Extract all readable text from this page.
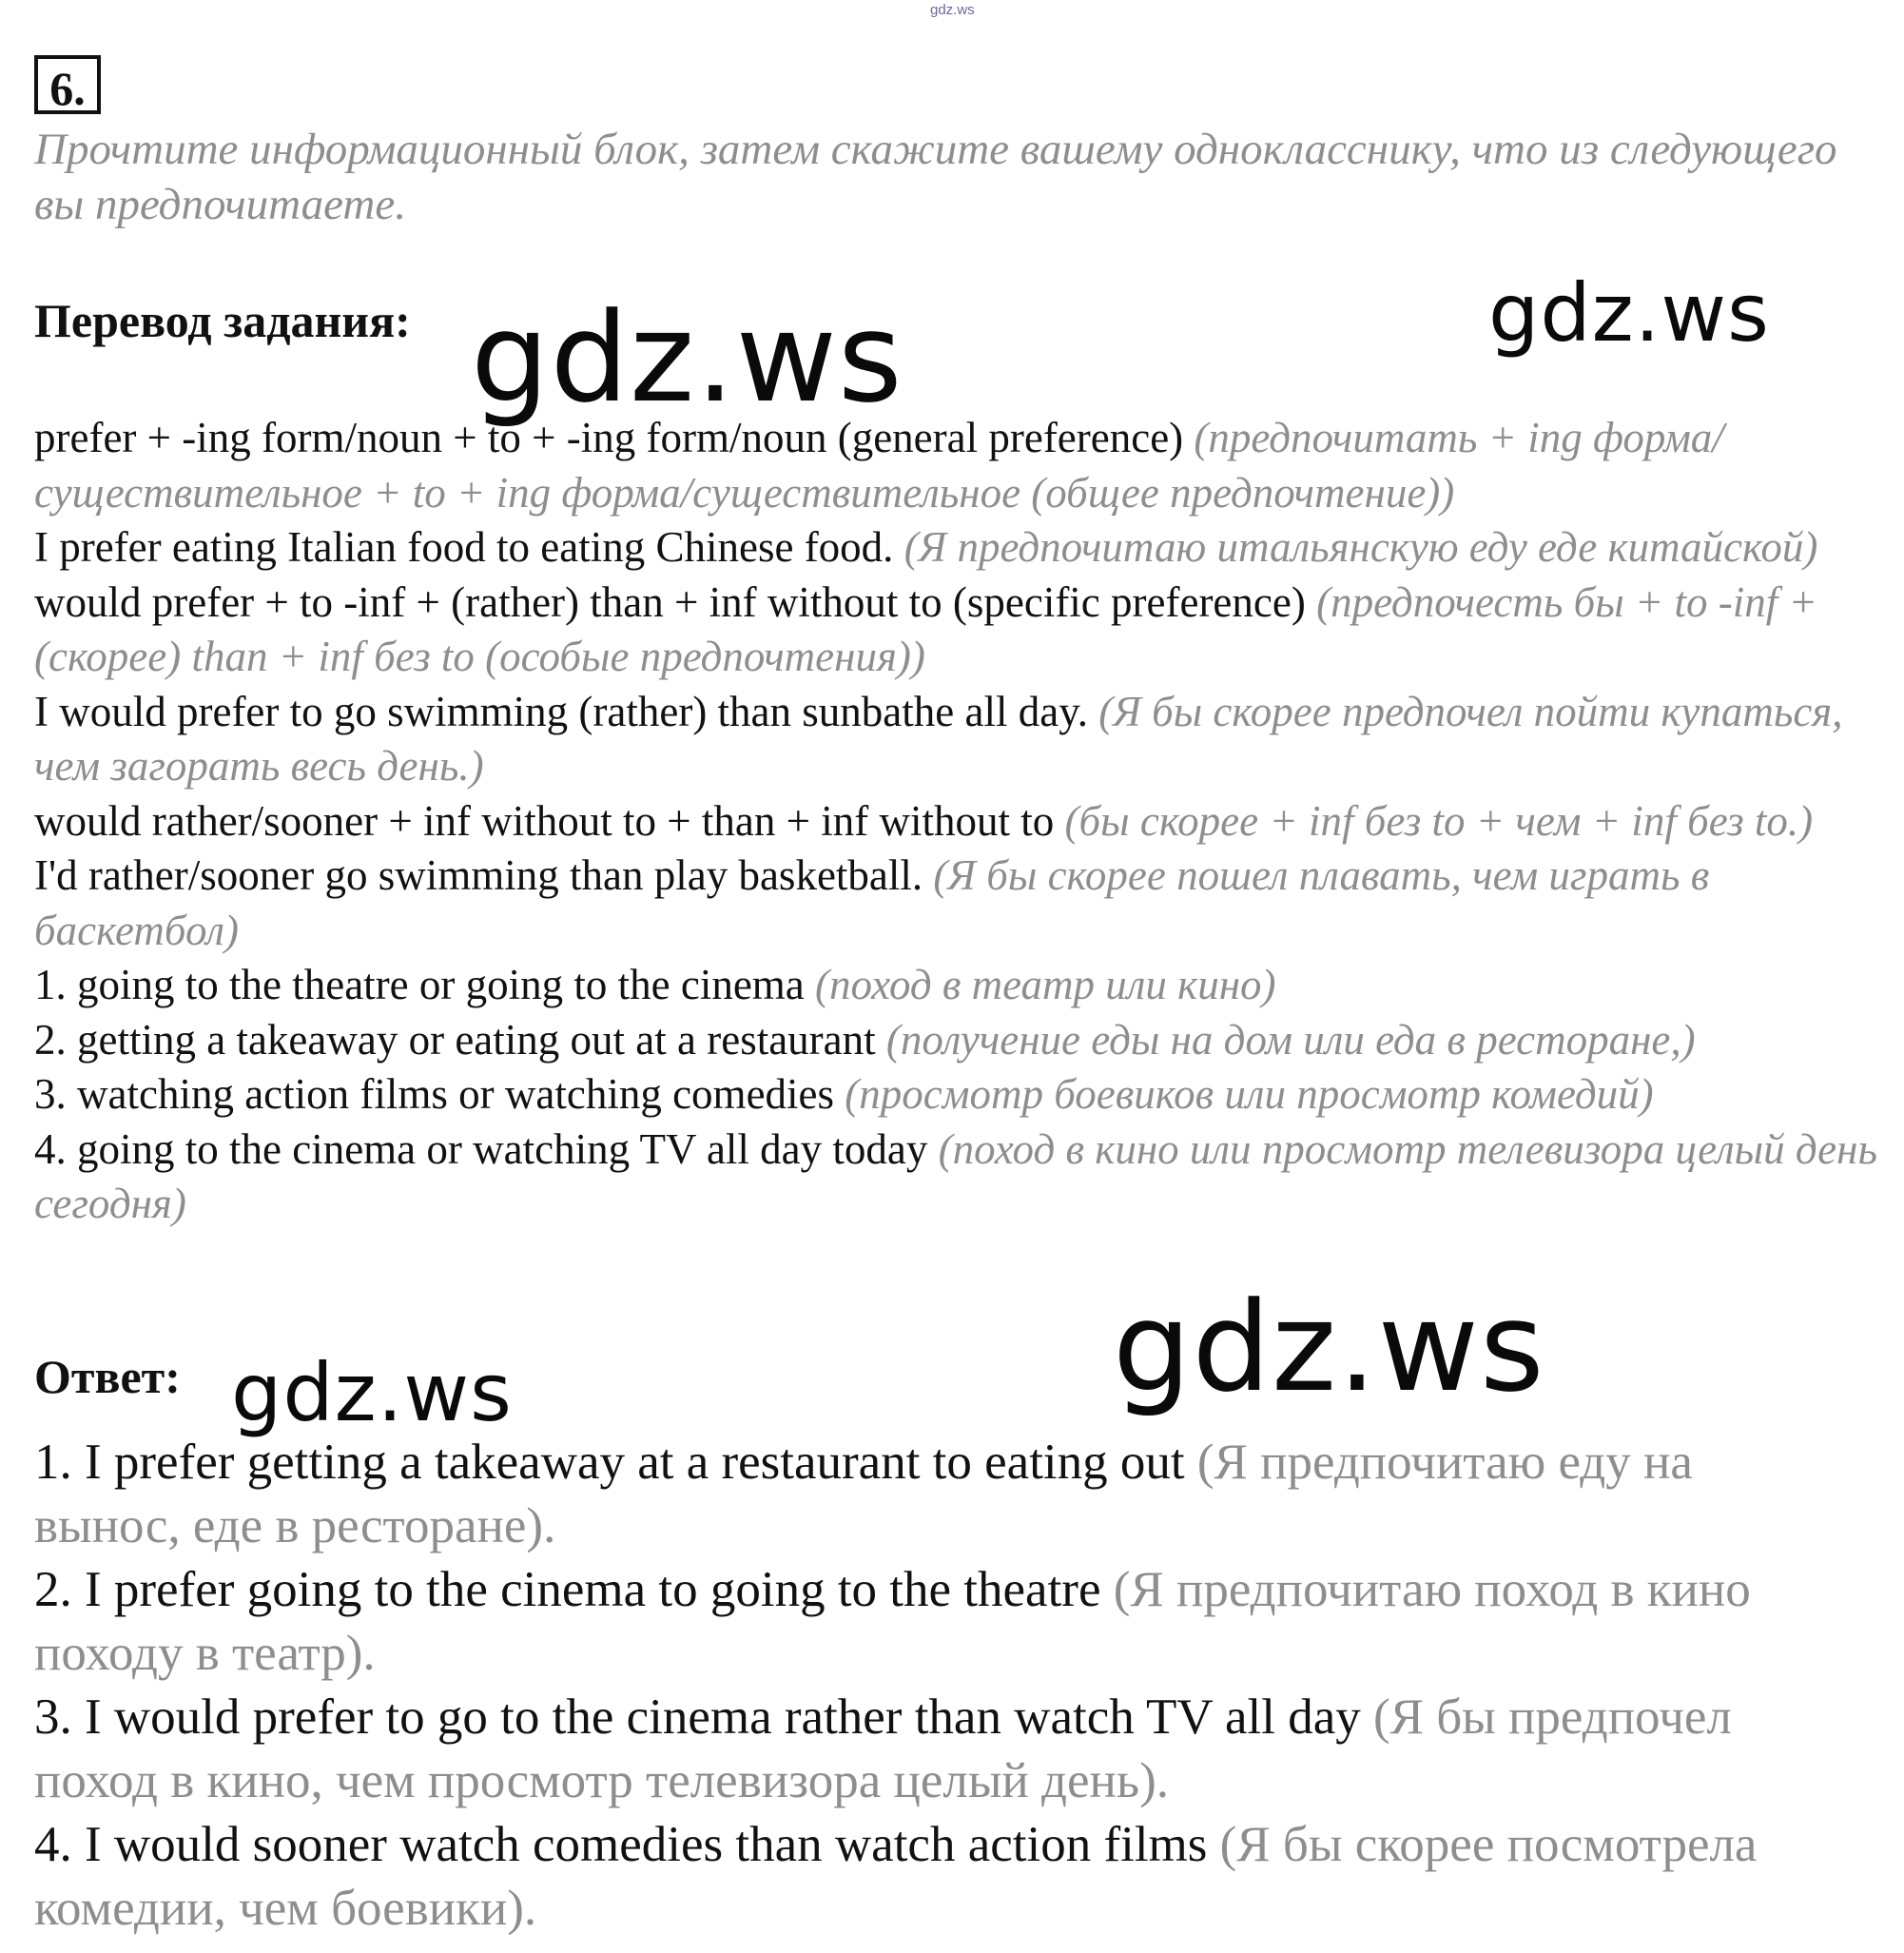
gdz.ws
6.
Прочтите информационный блок, затем скажите вашему однокласснику, что из следующего вы предпочитаете.
Перевод задания:

prefer + -ing form/noun + to + -ing form/noun (general preference) (предпочитать + ing форма/существительное + to + ing форма/существительное (общее предпочтение))

I prefer eating Italian food to eating Chinese food. (Я предпочитаю итальянскую еду еде китайской)

would prefer + to -inf + (rather) than + inf without to (specific preference) (предпочесть бы + to -inf + (скорее) than + inf без to (особые предпочтения))

I would prefer to go swimming (rather) than sunbathe all day. (Я бы скорее предпочел пойти купаться, чем загорать весь день.)

would rather/sooner + inf without to + than + inf without to (бы скорее + inf без to + чем + inf без to.)

I'd rather/sooner go swimming than play basketball. (Я бы скорее пошел плавать, чем играть в баскетбол)

1. going to the theatre or going to the cinema (поход в театр или кино)

2. getting a takeaway or eating out at a restaurant (получение еды на дом или еда в ресторане,)

3. watching action films or watching comedies (просмотр боевиков или просмотр комедий)

4. going to the cinema or watching TV all day today (поход в кино или просмотр телевизора целый день сегодня)

Ответ:

1. I prefer getting a takeaway at a restaurant to eating out (Я предпочитаю еду на вынос, еде в ресторане).

2. I prefer going to the cinema to going to the theatre (Я предпочитаю поход в кино походу в театр).

3. I would prefer to go to the cinema rather than watch TV all day (Я бы предпочел поход в кино, чем просмотр телевизора целый день).

4. I would sooner watch comedies than watch action films (Я бы скорее посмотрела комедии, чем боевики).

gdz.ws	gdz.ws
gdz.ws
gdz.ws
